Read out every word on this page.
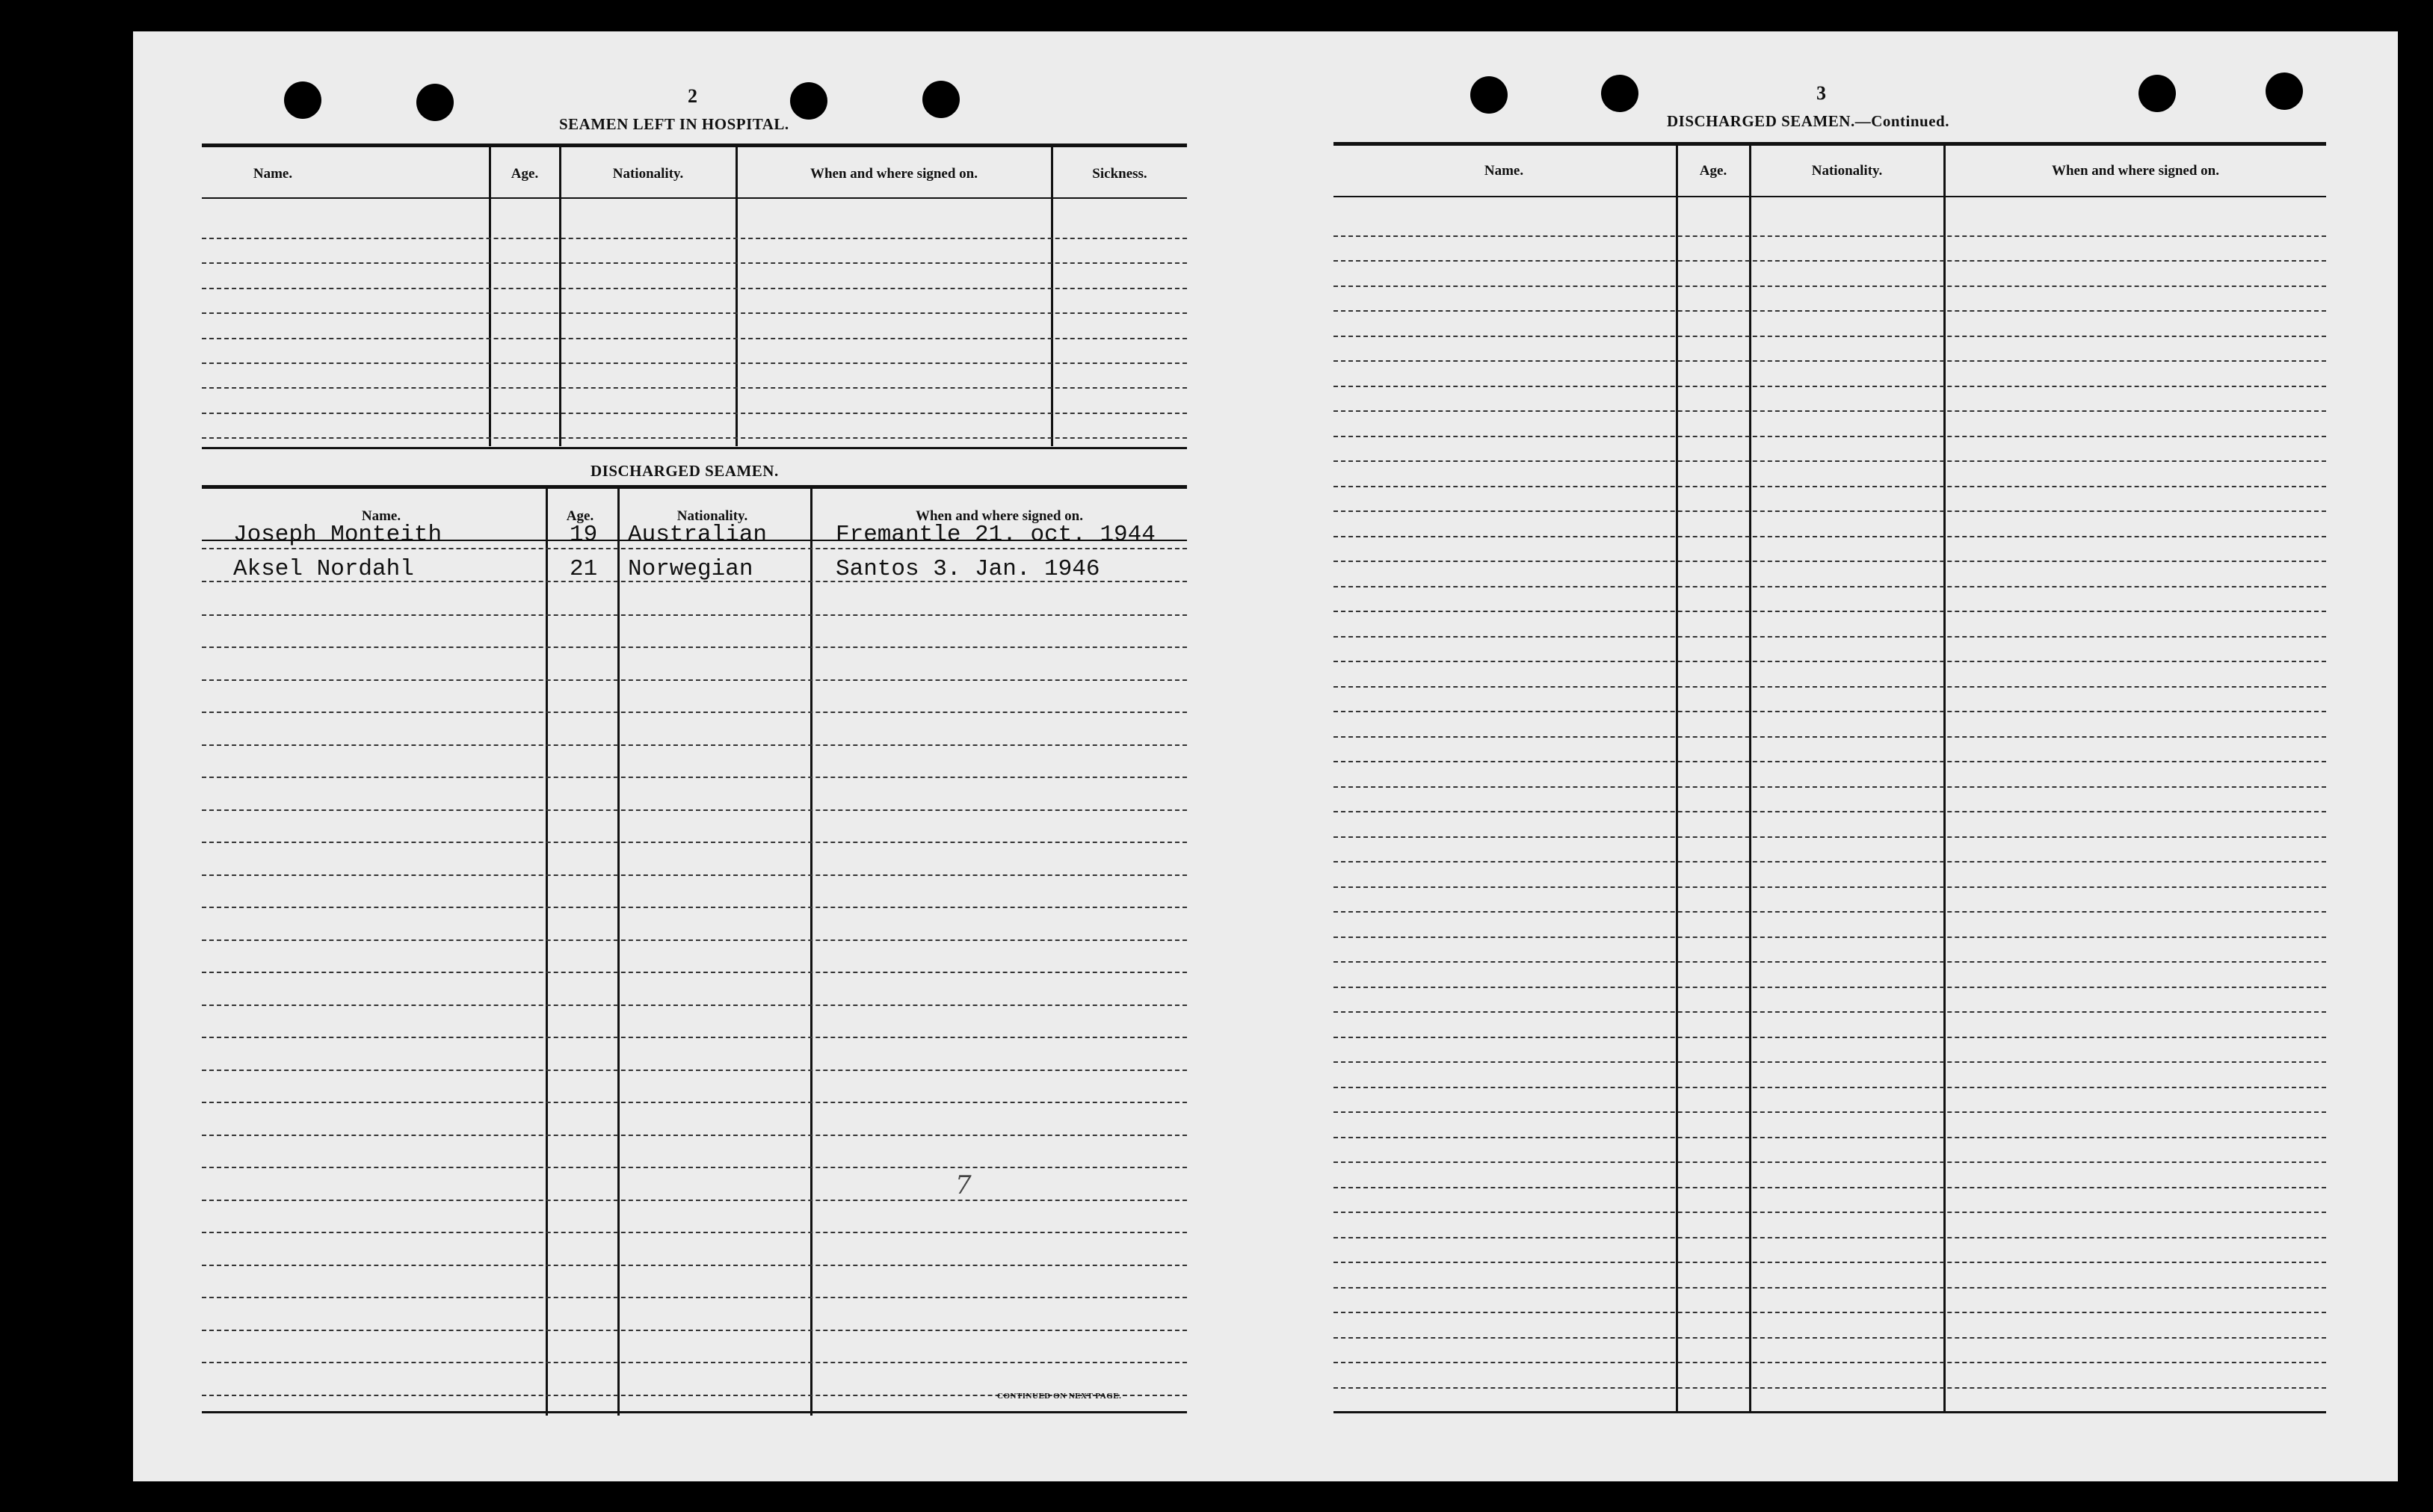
2
SEAMEN LEFT IN HOSPITAL.
Name.	Age.	Nationality.	When and where signed on.	Sickness.
DISCHARGED SEAMEN.
Name.	Age.	Nationality.	When and where signed on.
Joseph Monteith	19 Australian	Fremantle 21. oct. 1944
Aksel Nordahl	21 Norwegian	Santos 3. Jan. 1946
7
CONTINUED ON NEXT PAGE.
3
DISCHARGED SEAMEN.—Continued.
Name.	Age.	Nationality.	When and where signed on.
